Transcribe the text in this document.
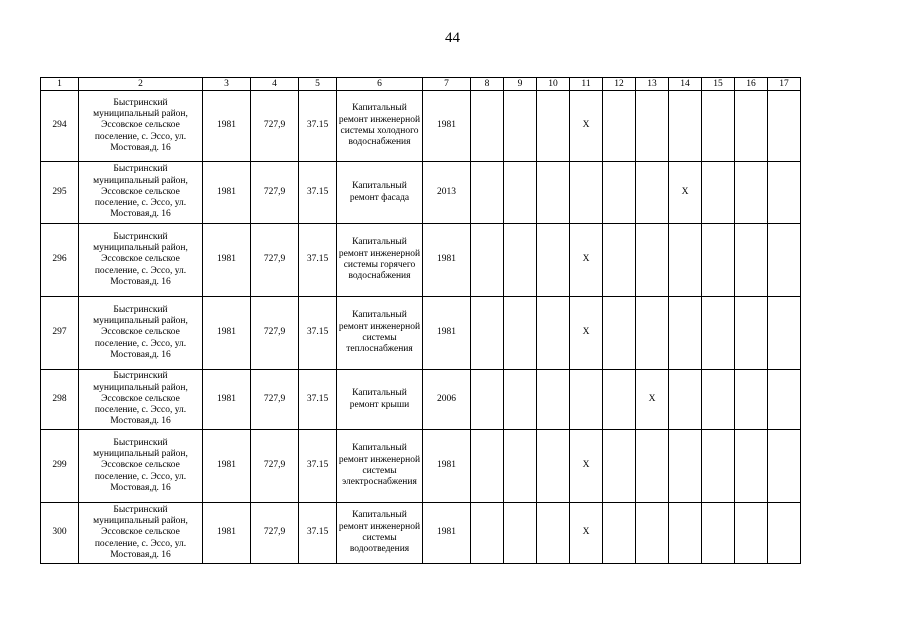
44
1	2	3	4	5	6	7	8	9	10	11	12	13	14	15	16	17
294	Быстринский муниципальный район, Эссовское сельское поселение, с. Эссо, ул. Мостовая,д. 16	1981	727,9	37.15	Капитальный ремонт инженерной системы холодного водоснабжения	1981				Х						
295	Быстринский муниципальный район, Эссовское сельское поселение, с. Эссо, ул. Мостовая,д. 16	1981	727,9	37.15	Капитальный ремонт фасада	2013							Х			
296	Быстринский муниципальный район, Эссовское сельское поселение, с. Эссо, ул. Мостовая,д. 16	1981	727,9	37.15	Капитальный ремонт инженерной системы горячего водоснабжения	1981				Х						
297	Быстринский муниципальный район, Эссовское сельское поселение, с. Эссо, ул. Мостовая,д. 16	1981	727,9	37.15	Капитальный ремонт инженерной системы теплоснабжения	1981				Х						
298	Быстринский муниципальный район, Эссовское сельское поселение, с. Эссо, ул. Мостовая,д. 16	1981	727,9	37.15	Капитальный ремонт крыши	2006						Х				
299	Быстринский муниципальный район, Эссовское сельское поселение, с. Эссо, ул. Мостовая,д. 16	1981	727,9	37.15	Капитальный ремонт инженерной системы электроснабжения	1981				Х						
300	Быстринский муниципальный район, Эссовское сельское поселение, с. Эссо, ул. Мостовая,д. 16	1981	727,9	37.15	Капитальный ремонт инженерной системы водоотведения	1981				Х						
